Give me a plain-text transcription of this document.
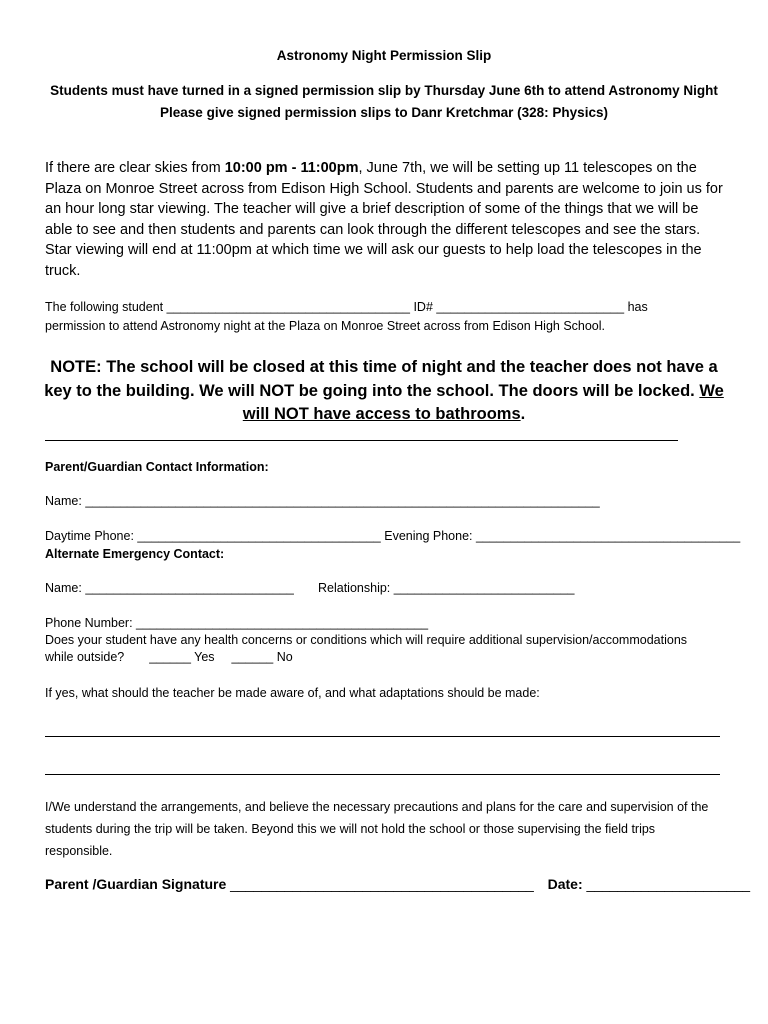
Astronomy Night Permission Slip
Students must have turned in a signed permission slip by Thursday June 6th to attend Astronomy Night
Please give signed permission slips to Danr Kretchmar (328: Physics)
If there are clear skies from 10:00 pm - 11:00pm, June 7th, we will be setting up 11 telescopes on the Plaza on Monroe Street across from Edison High School. Students and parents are welcome to join us for an hour long star viewing. The teacher will give a brief description of some of the things that we will be able to see and then students and parents can look through the different telescopes and see the stars. Star viewing will end at 11:00pm at which time we will ask our guests to help load the telescopes in the truck.
The following student ___________________________________ ID# ___________________________ has
permission to attend Astronomy night at the Plaza on Monroe Street across from Edison High School.
NOTE: The school will be closed at this time of night and the teacher does not have a key to the building. We will NOT be going into the school. The doors will be locked. We will NOT have access to bathrooms.
Parent/Guardian Contact Information:
Name: __________________________________________________________________________
Daytime Phone: ___________________________________ Evening Phone: ______________________________________
Alternate Emergency Contact:
Name: ______________________________ Relationship: __________________________
Phone Number: __________________________________________
Does your student have any health concerns or conditions which will require additional supervision/accommodations
while outside? ______ Yes ______ No
If yes, what should the teacher be made aware of, and what adaptations should be made:
I/We understand the arrangements, and believe the necessary precautions and plans for the care and supervision of the students during the trip will be taken. Beyond this we will not hold the school or those supervising the field trips responsible.
Parent /Guardian Signature _______________________________________ Date: _____________________
